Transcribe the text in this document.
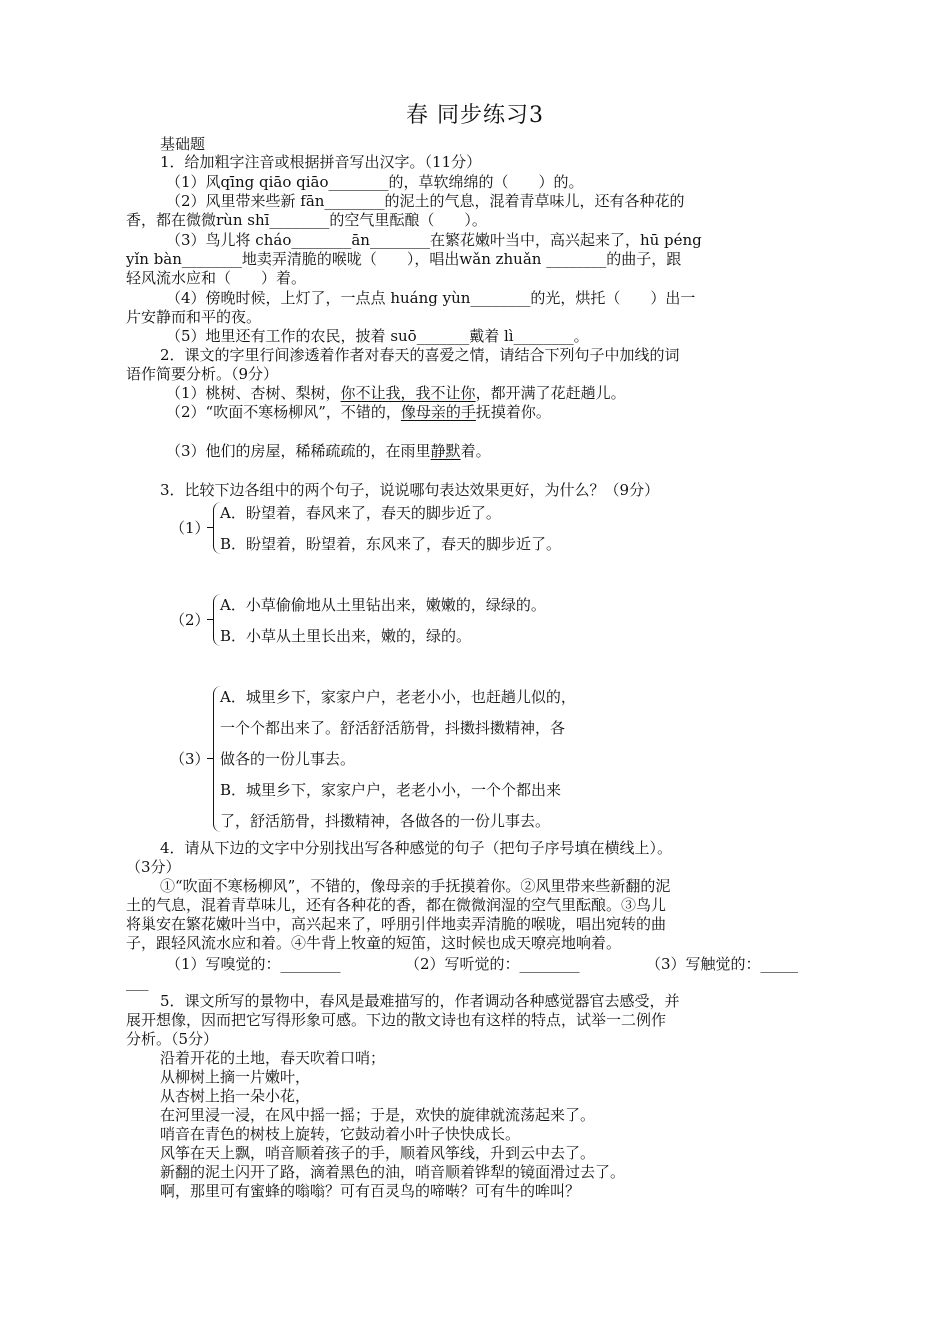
春 同步练习3
基础题
1．给加粗字注音或根据拼音写出汉字。（11分）
（1）风qīng qiāo qiāo________的，草软绵绵的（　　）的。
（2）风里带来些新 fān________的泥土的气息，混着青草味儿，还有各种花的
香，都在微微rùn shī________的空气里酝酿（　　）。
（3）鸟儿将 cháo________ān________在繁花嫩叶当中，高兴起来了，hū péng
yǐn bàn________地卖弄清脆的喉咙（　　），唱出wǎn zhuǎn ________的曲子，跟
轻风流水应和（　　）着。
（4）傍晚时候，上灯了，一点点 huáng yùn________的光，烘托（　　）出一
片安静而和平的夜。
（5）地里还有工作的农民，披着 suō_______戴着 lì________。
2．课文的字里行间渗透着作者对春天的喜爱之情，请结合下列句子中加线的词
语作简要分析。（9分）
（1）桃树、杏树、梨树，你不让我，我不让你，都开满了花赶趟儿。
（2）“吹面不寒杨柳风”，不错的，像母亲的手抚摸着你。
（3）他们的房屋，稀稀疏疏的，在雨里静默着。
3．比较下边各组中的两个句子，说说哪句表达效果更好，为什么？（9分）
（1）
A．盼望着，春风来了，春天的脚步近了。
B．盼望着，盼望着，东风来了，春天的脚步近了。
（2）
A．小草偷偷地从土里钻出来，嫩嫩的，绿绿的。
B．小草从土里长出来，嫩的，绿的。
（3）
A．城里乡下，家家户户，老老小小，也赶趟儿似的，
一个个都出来了。舒活舒活筋骨，抖擞抖擞精神，各
做各的一份儿事去。
B．城里乡下，家家户户，老老小小，一个个都出来
了，舒活筋骨，抖擞精神，各做各的一份儿事去。
4．请从下边的文字中分别找出写各种感觉的句子（把句子序号填在横线上）。
（3分）
①“吹面不寒杨柳风”，不错的，像母亲的手抚摸着你。②风里带来些新翻的泥
土的气息，混着青草味儿，还有各种花的香，都在微微润湿的空气里酝酿。③鸟儿
将巢安在繁花嫩叶当中，高兴起来了，呼朋引伴地卖弄清脆的喉咙，唱出宛转的曲
子，跟轻风流水应和着。④牛背上牧童的短笛，这时候也成天嘹亮地响着。
（1）写嗅觉的：________	（2）写听觉的：________	（3）写触觉的：_____
___
5．课文所写的景物中，春风是最难描写的，作者调动各种感觉器官去感受，并
展开想像，因而把它写得形象可感。下边的散文诗也有这样的特点，试举一二例作
分析。（5分）
沿着开花的土地，春天吹着口哨；
从柳树上摘一片嫩叶，
从杏树上掐一朵小花，
在河里浸一浸，在风中摇一摇；于是，欢快的旋律就流荡起来了。
哨音在青色的树枝上旋转，它鼓动着小叶子快快成长。
风筝在天上飘，哨音顺着孩子的手，顺着风筝线，升到云中去了。
新翻的泥土闪开了路，滴着黑色的油，哨音顺着铧犁的镜面滑过去了。
啊，那里可有蜜蜂的嗡嗡？可有百灵鸟的啼啭？可有牛的哞叫？
